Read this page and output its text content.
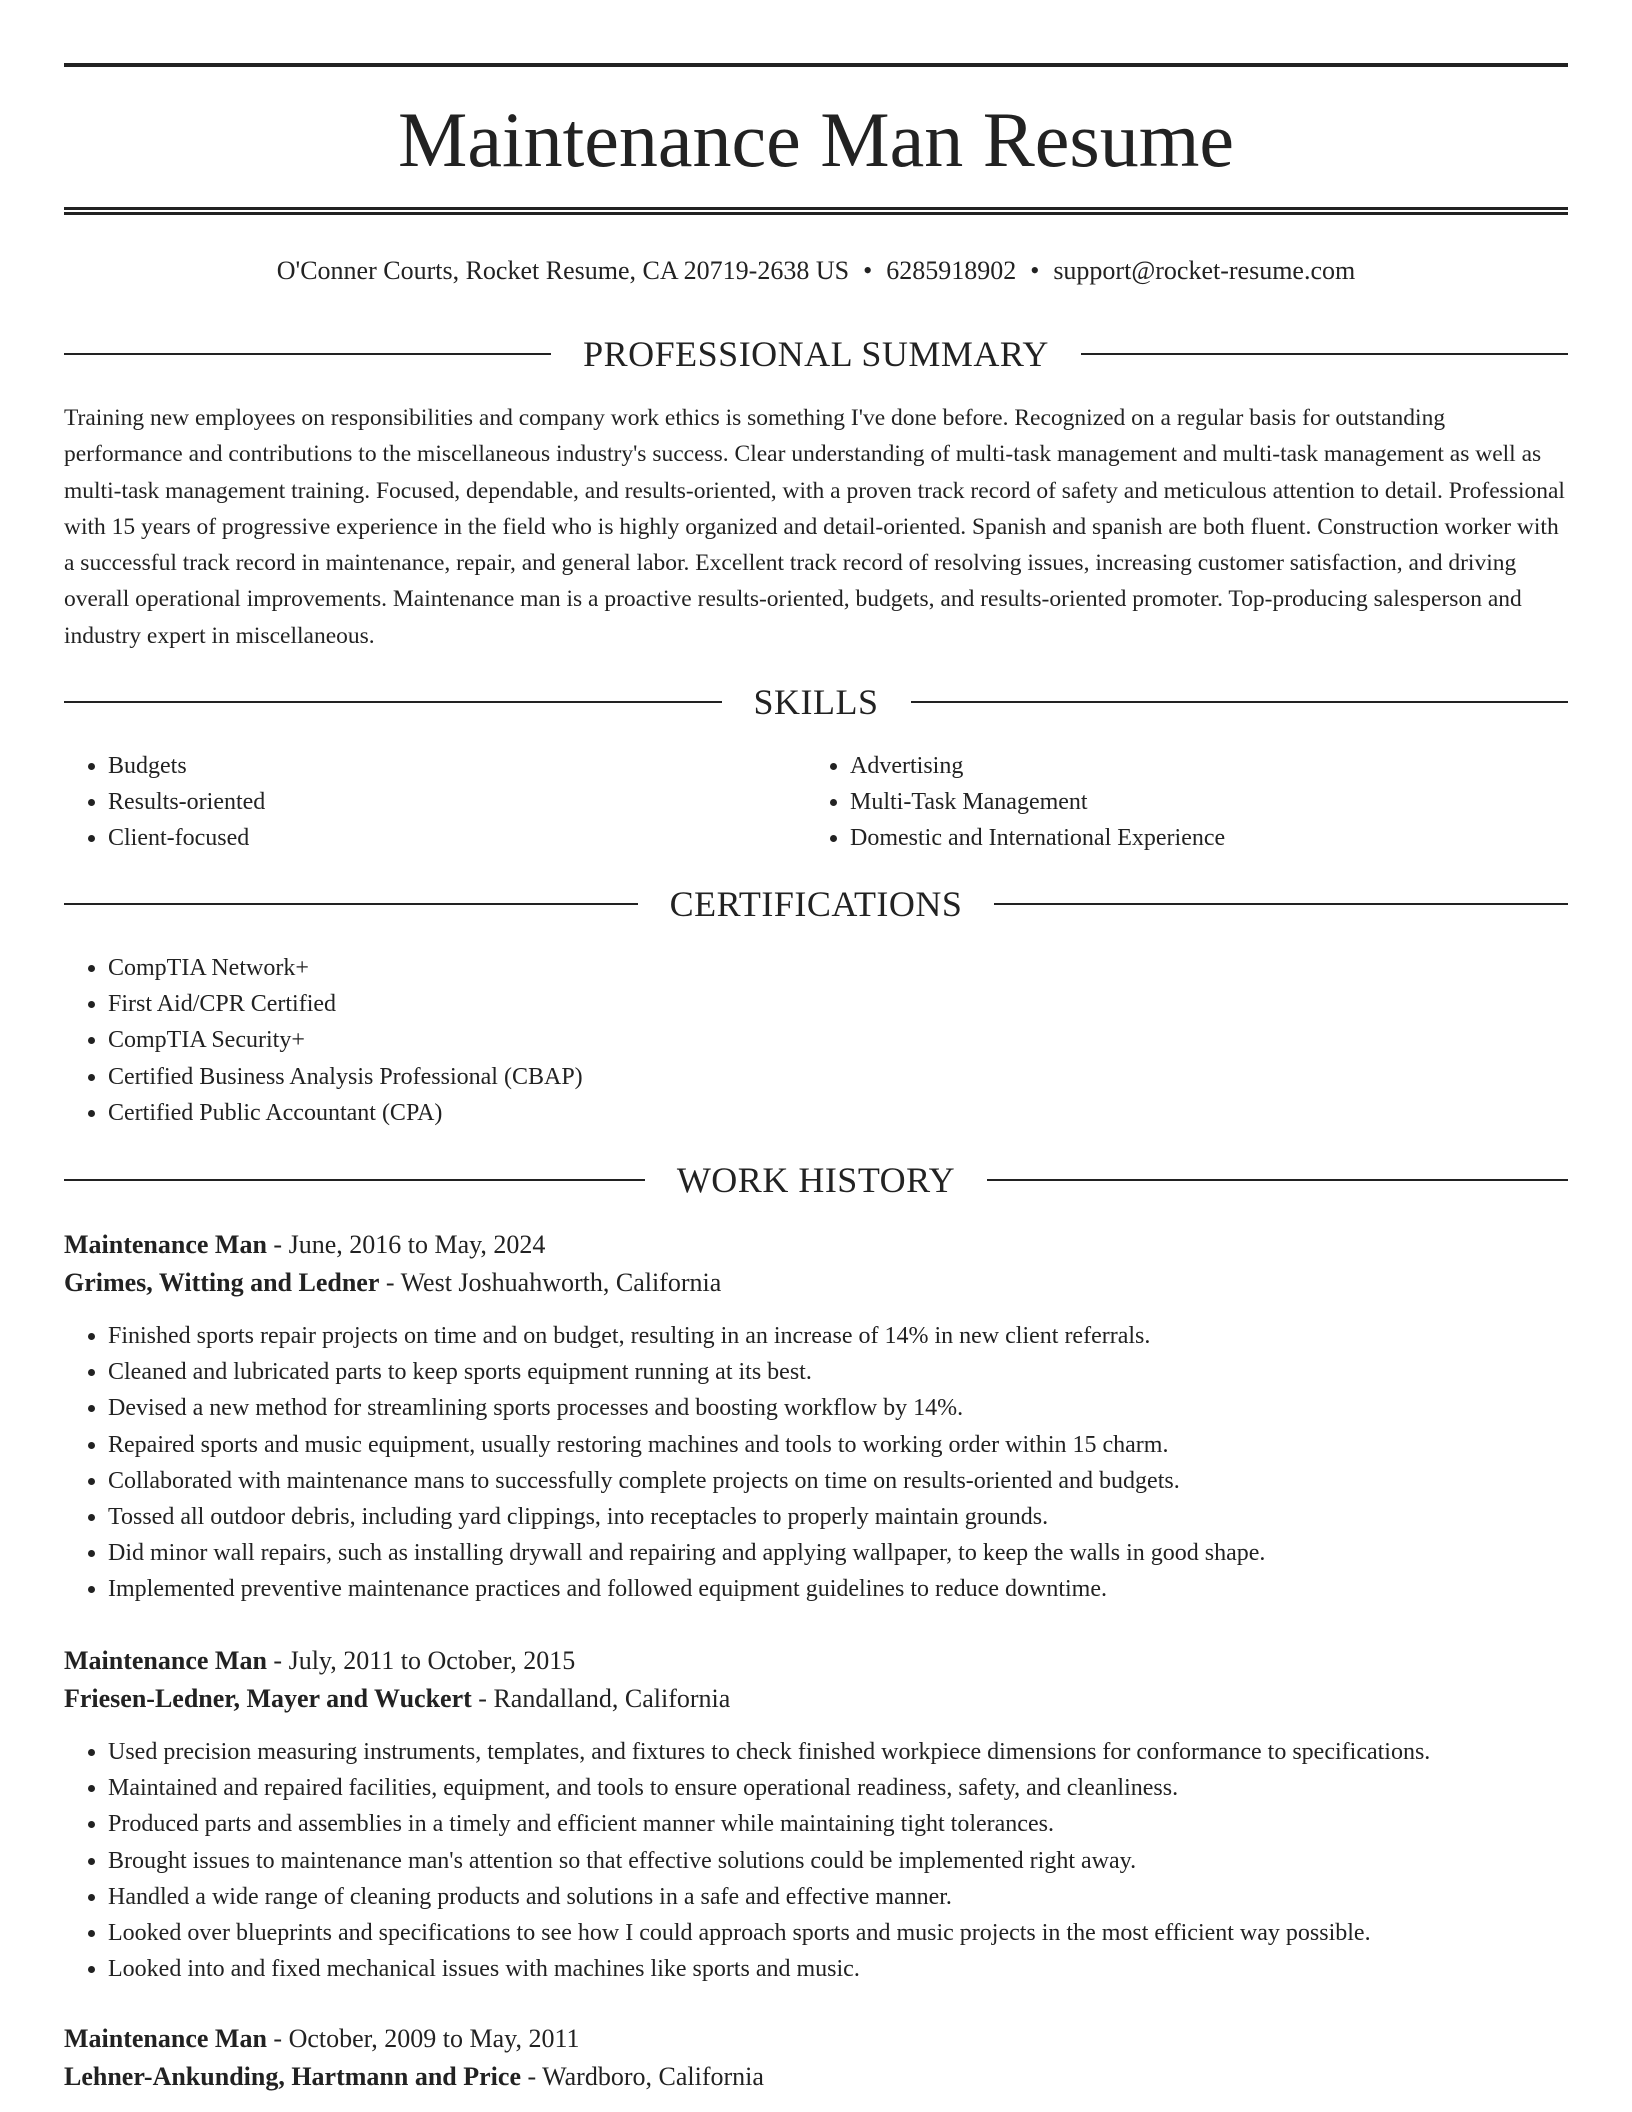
Maintenance Man Resume
O'Conner Courts, Rocket Resume, CA 20719-2638 US • 6285918902 • support@rocket-resume.com
PROFESSIONAL SUMMARY

Training new employees on responsibilities and company work ethics is something I've done before. Recognized on a regular basis for outstanding performance and contributions to the miscellaneous industry's success. Clear understanding of multi-task management and multi-task management as well as multi-task management training. Focused, dependable, and results-oriented, with a proven track record of safety and meticulous attention to detail. Professional with 15 years of progressive experience in the field who is highly organized and detail-oriented. Spanish and spanish are both fluent. Construction worker with a successful track record in maintenance, repair, and general labor. Excellent track record of resolving issues, increasing customer satisfaction, and driving overall operational improvements. Maintenance man is a proactive results-oriented, budgets, and results-oriented promoter. Top-producing salesperson and industry expert in miscellaneous.

SKILLS
• Budgets
• Results-oriented
• Client-focused
• Advertising
• Multi-Task Management
• Domestic and International Experience
CERTIFICATIONS
• CompTIA Network+
• First Aid/CPR Certified
• CompTIA Security+
• Certified Business Analysis Professional (CBAP)
• Certified Public Accountant (CPA)
WORK HISTORY
Maintenance Man - June, 2016 to May, 2024
Grimes, Witting and Ledner - West Joshuahworth, California
• Finished sports repair projects on time and on budget, resulting in an increase of 14% in new client referrals.
• Cleaned and lubricated parts to keep sports equipment running at its best.
• Devised a new method for streamlining sports processes and boosting workflow by 14%.
• Repaired sports and music equipment, usually restoring machines and tools to working order within 15 charm.
• Collaborated with maintenance mans to successfully complete projects on time on results-oriented and budgets.
• Tossed all outdoor debris, including yard clippings, into receptacles to properly maintain grounds.
• Did minor wall repairs, such as installing drywall and repairing and applying wallpaper, to keep the walls in good shape.
• Implemented preventive maintenance practices and followed equipment guidelines to reduce downtime.
Maintenance Man - July, 2011 to October, 2015
Friesen-Ledner, Mayer and Wuckert - Randalland, California
• Used precision measuring instruments, templates, and fixtures to check finished workpiece dimensions for conformance to specifications.
• Maintained and repaired facilities, equipment, and tools to ensure operational readiness, safety, and cleanliness.
• Produced parts and assemblies in a timely and efficient manner while maintaining tight tolerances.
• Brought issues to maintenance man's attention so that effective solutions could be implemented right away.
• Handled a wide range of cleaning products and solutions in a safe and effective manner.
• Looked over blueprints and specifications to see how I could approach sports and music projects in the most efficient way possible.
• Looked into and fixed mechanical issues with machines like sports and music.
Maintenance Man - October, 2009 to May, 2011
Lehner-Ankunding, Hartmann and Price - Wardboro, California
